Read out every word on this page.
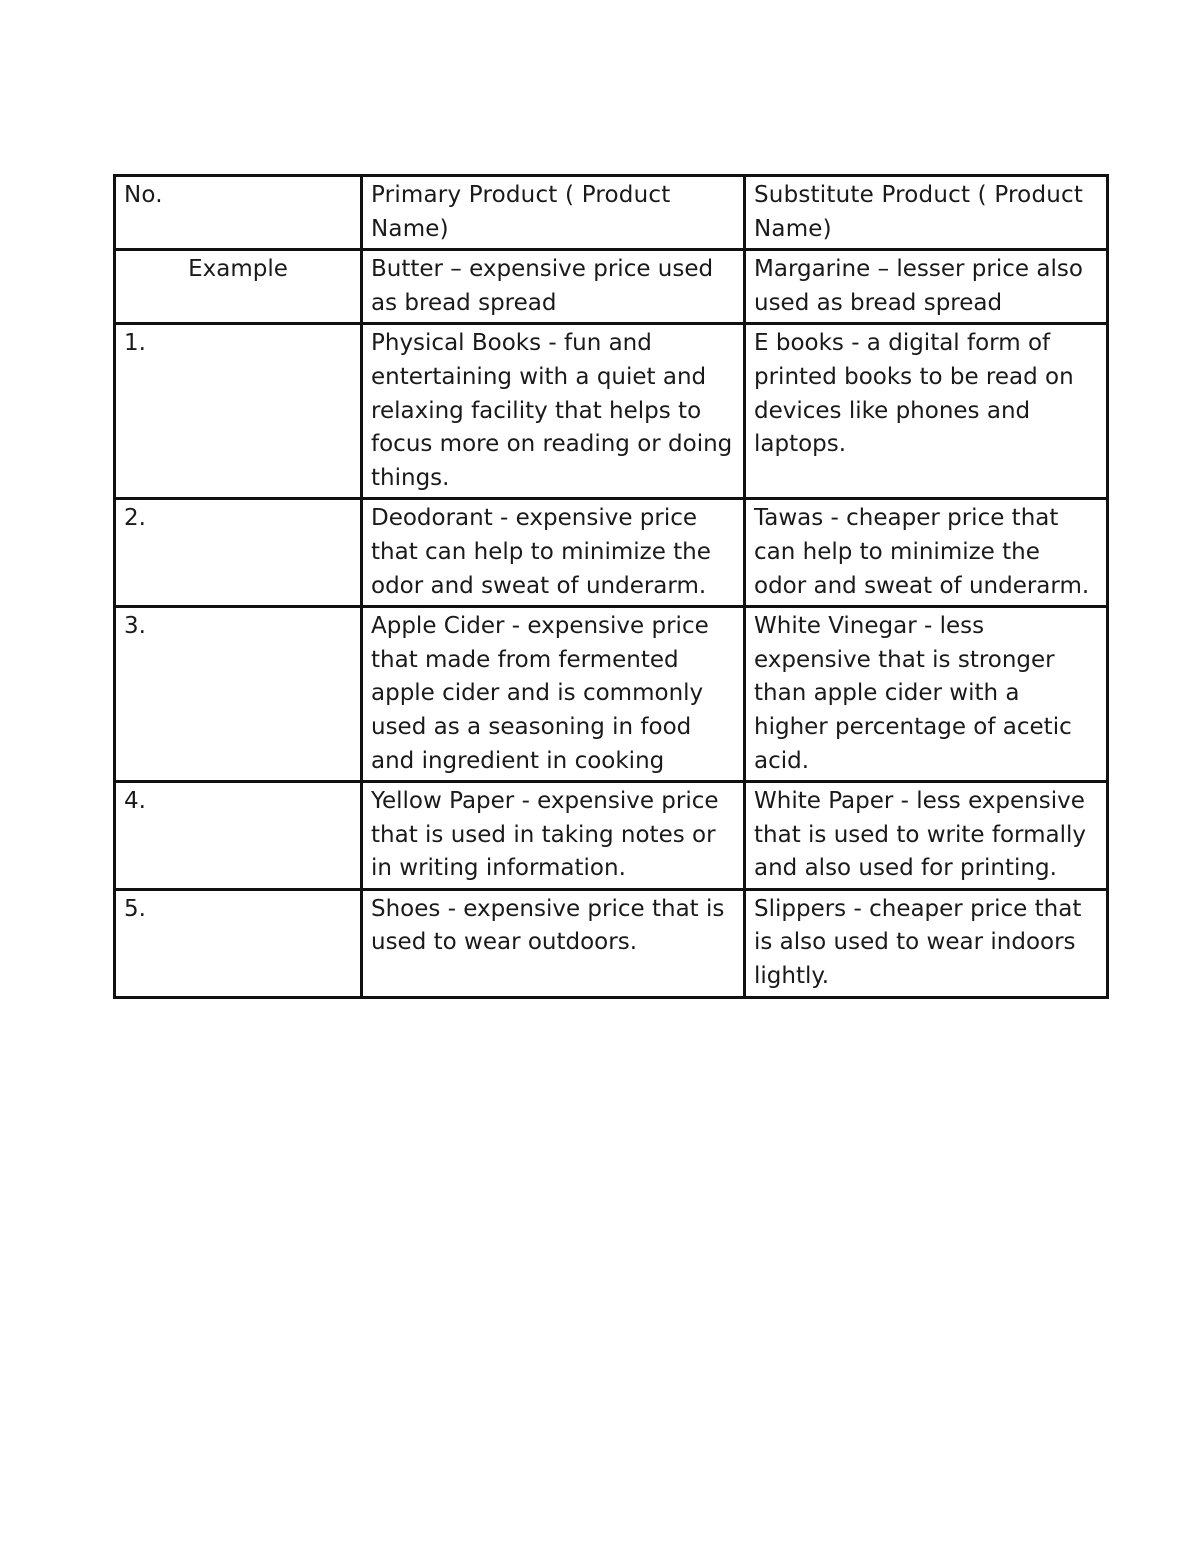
No.	Primary Product ( Product Name)	Substitute Product ( Product Name)
Example	Butter – expensive price used as bread spread	Margarine – lesser price also used as bread spread
1.	Physical Books - fun and entertaining with a quiet and relaxing facility that helps to focus more on reading or doing things.	E books - a digital form of printed books to be read on devices like phones and laptops.
2.	Deodorant - expensive price that can help to minimize the odor and sweat of underarm.	Tawas - cheaper price that can help to minimize the odor and sweat of underarm.
3.	Apple Cider - expensive price that made from fermented apple cider and is commonly used as a seasoning in food and ingredient in cooking	White Vinegar - less expensive that is stronger than apple cider with a higher percentage of acetic acid.
4.	Yellow Paper - expensive price that is used in taking notes or in writing information.	White Paper - less expensive that is used to write formally and also used for printing.
5.	Shoes - expensive price that is used to wear outdoors.	Slippers - cheaper price that is also used to wear indoors lightly.
